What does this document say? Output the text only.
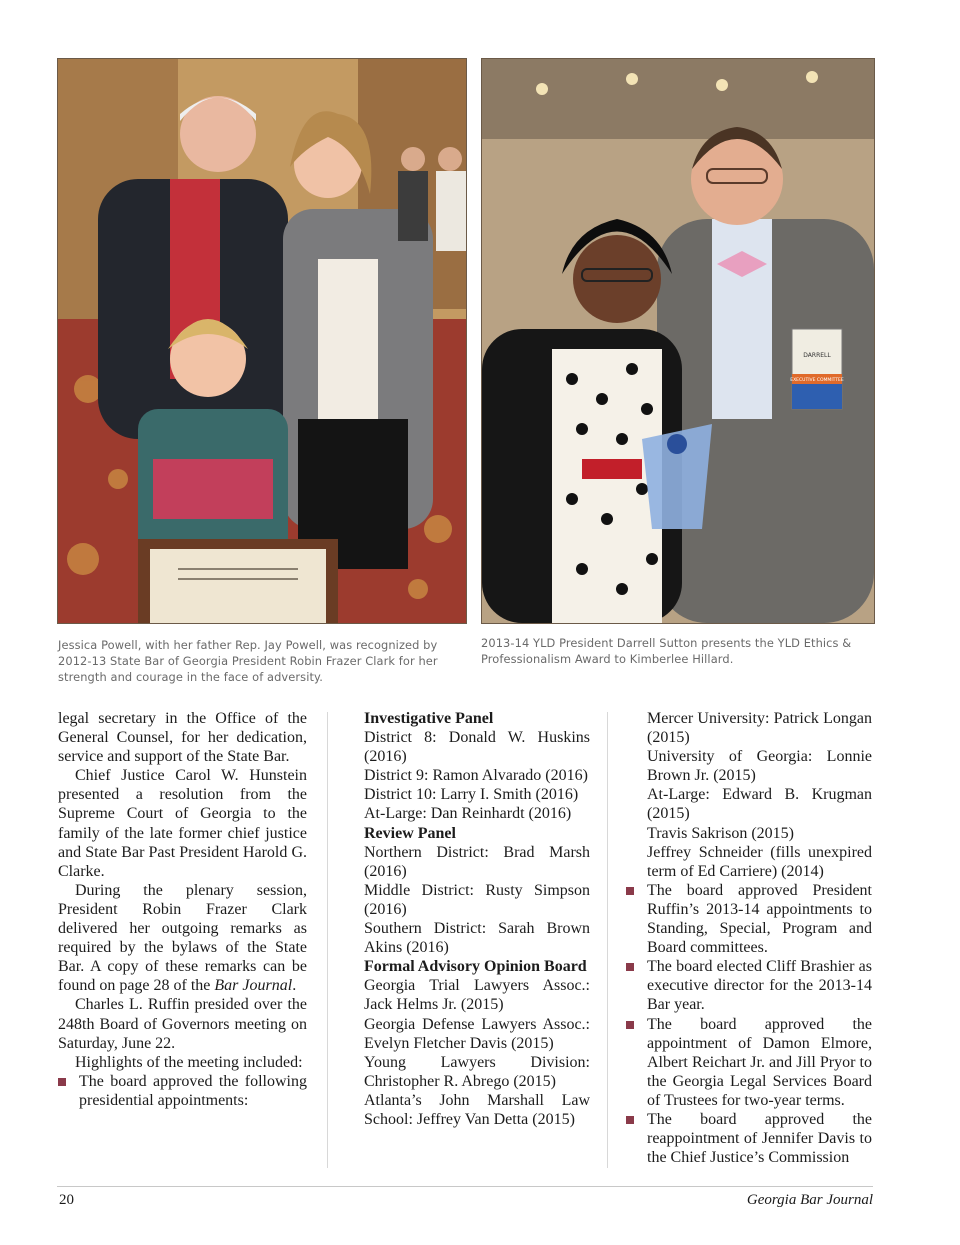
DARRELL
EXECUTIVE COMMITTEE
Jessica Powell, with her father Rep. Jay Powell, was recognized by 2012-13 State Bar of Georgia President Robin Frazer Clark for her strength and courage in the face of adversity.
2013-14 YLD President Darrell Sutton presents the YLD Ethics & Professionalism Award to Kimberlee Hillard.

legal secretary in the Office of the General Counsel, for her dedication, service and support of the State Bar.

Chief Justice Carol W. Hunstein presented a resolution from the Supreme Court of Georgia to the family of the late former chief justice and State Bar Past President Harold G. Clarke.

During the plenary session, President Robin Frazer Clark delivered her outgoing remarks as required by the bylaws of the State Bar. A copy of these remarks can be found on page 28 of the Bar Journal.

Charles L. Ruffin presided over the 248th Board of Governors meeting on Saturday, June 22.

Highlights of the meeting included:

The board approved the following presidential appointments:

Investigative Panel

District 8: Donald W. Huskins (2016)

District 9: Ramon Alvarado (2016)

District 10: Larry I. Smith (2016)

At-Large: Dan Reinhardt (2016)

Review Panel

Northern District: Brad Marsh (2016)

Middle District: Rusty Simpson (2016)

Southern District: Sarah Brown Akins (2016)

Formal Advisory Opinion Board

Georgia Trial Lawyers Assoc.: Jack Helms Jr. (2015)

Georgia Defense Lawyers Assoc.: Evelyn Fletcher Davis (2015)

Young Lawyers Division: Christopher R. Abrego (2015)

Atlanta’s John Marshall Law School: Jeffrey Van Detta (2015)

Mercer University: Patrick Longan (2015)

University of Georgia: Lonnie Brown Jr. (2015)

At-Large: Edward B. Krugman (2015)

Travis Sakrison (2015)

Jeffrey Schneider (fills unexpired term of Ed Carriere) (2014)

The board approved President Ruffin’s 2013-14 appointments to Standing, Special, Program and Board committees.

The board elected Cliff Brashier as executive director for the 2013-14 Bar year.

The board approved the appointment of Damon Elmore, Albert Reichart Jr. and Jill Pryor to the Georgia Legal Services Board of Trustees for two-year terms.

The board approved the reappointment of Jennifer Davis to the Chief Justice’s Commission

20	Georgia Bar Journal
